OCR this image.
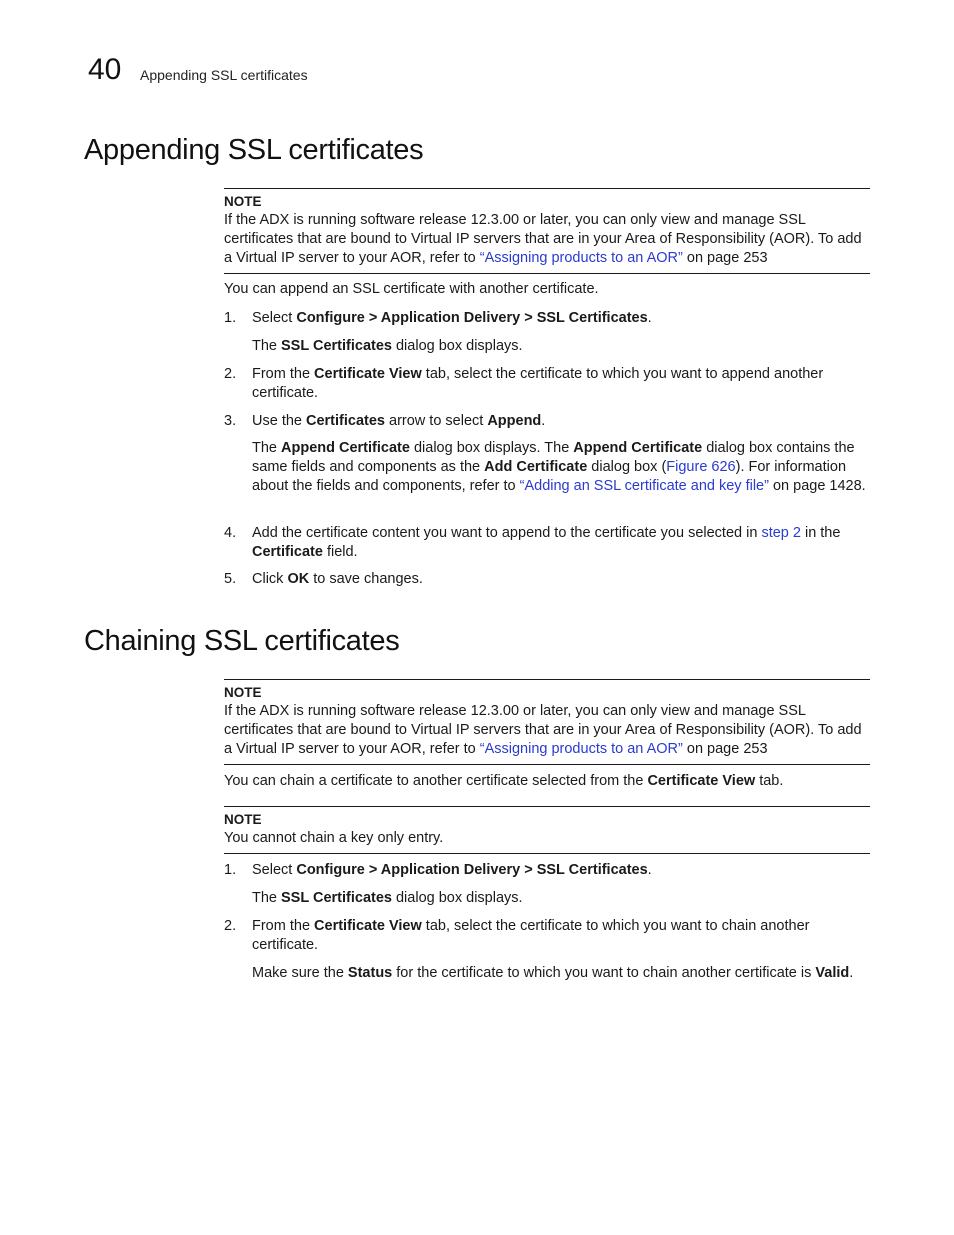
40 Appending SSL certificates
Appending SSL certificates
NOTE
If the ADX is running software release 12.3.00 or later, you can only view and manage SSL certificates that are bound to Virtual IP servers that are in your Area of Responsibility (AOR). To add a Virtual IP server to your AOR, refer to “Assigning products to an AOR” on page 253
You can append an SSL certificate with another certificate.
1. Select Configure > Application Delivery > SSL Certificates.
The SSL Certificates dialog box displays.
2. From the Certificate View tab, select the certificate to which you want to append another certificate.
3. Use the Certificates arrow to select Append.
The Append Certificate dialog box displays. The Append Certificate dialog box contains the same fields and components as the Add Certificate dialog box (Figure 626). For information about the fields and components, refer to “Adding an SSL certificate and key file” on page 1428.
4. Add the certificate content you want to append to the certificate you selected in step 2 in the Certificate field.
5. Click OK to save changes.
Chaining SSL certificates
NOTE
If the ADX is running software release 12.3.00 or later, you can only view and manage SSL certificates that are bound to Virtual IP servers that are in your Area of Responsibility (AOR). To add a Virtual IP server to your AOR, refer to “Assigning products to an AOR” on page 253
You can chain a certificate to another certificate selected from the Certificate View tab.
NOTE
You cannot chain a key only entry.
1. Select Configure > Application Delivery > SSL Certificates.
The SSL Certificates dialog box displays.
2. From the Certificate View tab, select the certificate to which you want to chain another certificate.
Make sure the Status for the certificate to which you want to chain another certificate is Valid.
